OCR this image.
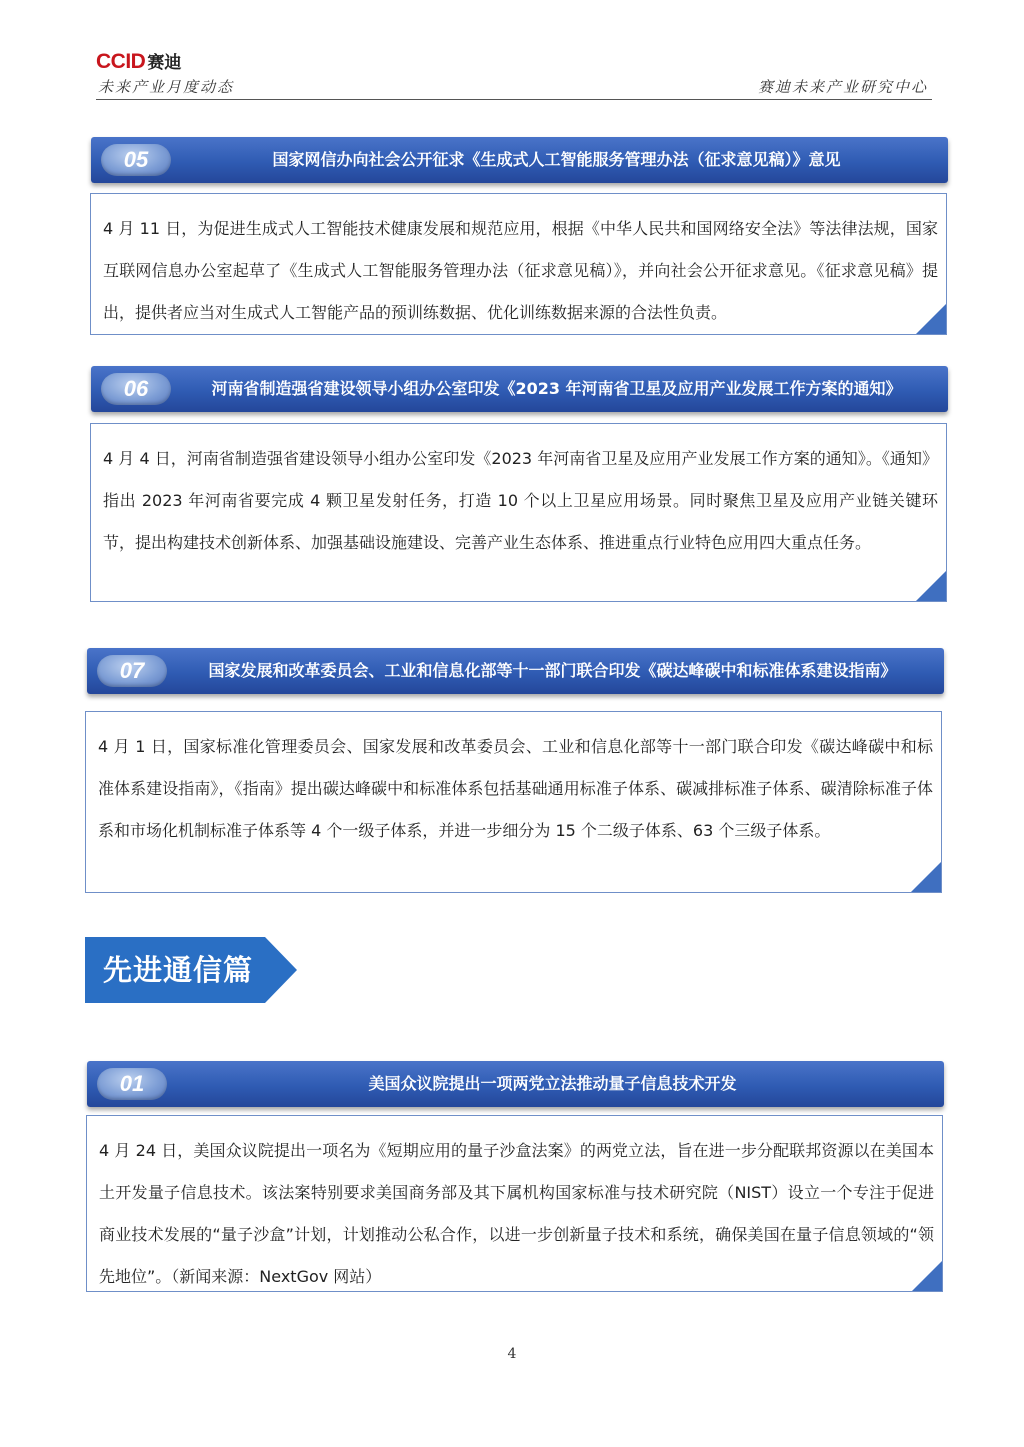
CCID 赛迪
未来产业月度动态	赛迪未来产业研究中心
05	国家网信办向社会公开征求《生成式人工智能服务管理办法（征求意见稿）》意见

4 月 11 日，为促进生成式人工智能技术健康发展和规范应用，根据《中华人民共和国网络安全法》等法律法规，国家互联网信息办公室起草了《生成式人工智能服务管理办法（征求意见稿）》，并向社会公开征求意见。《征求意见稿》提出，提供者应当对生成式人工智能产品的预训练数据、优化训练数据来源的合法性负责。

06	河南省制造强省建设领导小组办公室印发《2023 年河南省卫星及应用产业发展工作方案的通知》

4 月 4 日，河南省制造强省建设领导小组办公室印发《2023 年河南省卫星及应用产业发展工作方案的通知》。《通知》指出 2023 年河南省要完成 4 颗卫星发射任务，打造 10 个以上卫星应用场景。同时聚焦卫星及应用产业链关键环节，提出构建技术创新体系、加强基础设施建设、完善产业生态体系、推进重点行业特色应用四大重点任务。

07	国家发展和改革委员会、工业和信息化部等十一部门联合印发《碳达峰碳中和标准体系建设指南》

4 月 1 日，国家标准化管理委员会、国家发展和改革委员会、工业和信息化部等十一部门联合印发《碳达峰碳中和标准体系建设指南》，《指南》提出碳达峰碳中和标准体系包括基础通用标准子体系、碳减排标准子体系、碳清除标准子体系和市场化机制标准子体系等 4 个一级子体系，并进一步细分为 15 个二级子体系、63 个三级子体系。

先进通信篇
01	美国众议院提出一项两党立法推动量子信息技术开发

4 月 24 日，美国众议院提出一项名为《短期应用的量子沙盒法案》的两党立法，旨在进一步分配联邦资源以在美国本土开发量子信息技术。该法案特别要求美国商务部及其下属机构国家标准与技术研究院（NIST）设立一个专注于促进商业技术发展的“量子沙盒”计划，计划推动公私合作，以进一步创新量子技术和系统，确保美国在量子信息领域的“领先地位”。（新闻来源：NextGov 网站）

4
